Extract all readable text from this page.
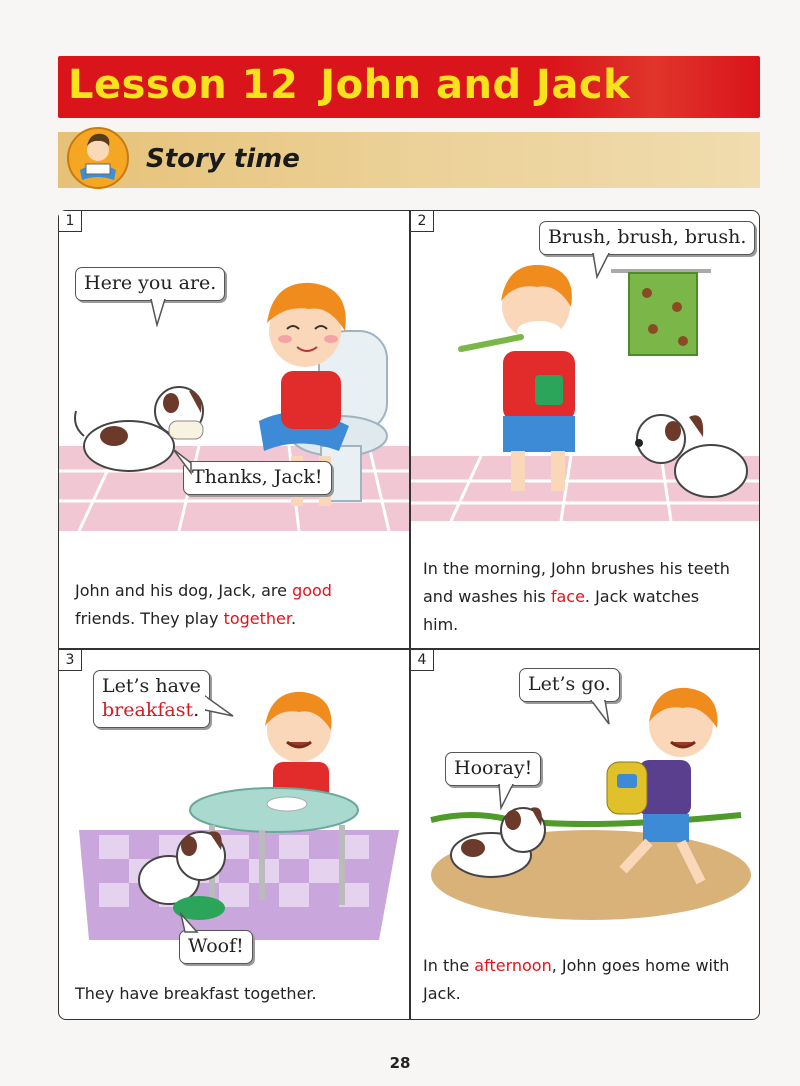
Lesson 12 John and Jack
Story time
1
Here you are.
Thanks, Jack!
John and his dog, Jack, are good
friends. They play together.
2
Brush, brush, brush.
In the morning, John brushes his teeth
and washes his face. Jack watches
him.
3
Let’s have
breakfast.
Woof!
They have breakfast together.
4
Let’s go.
Hooray!
In the afternoon, John goes home with
Jack.
28
